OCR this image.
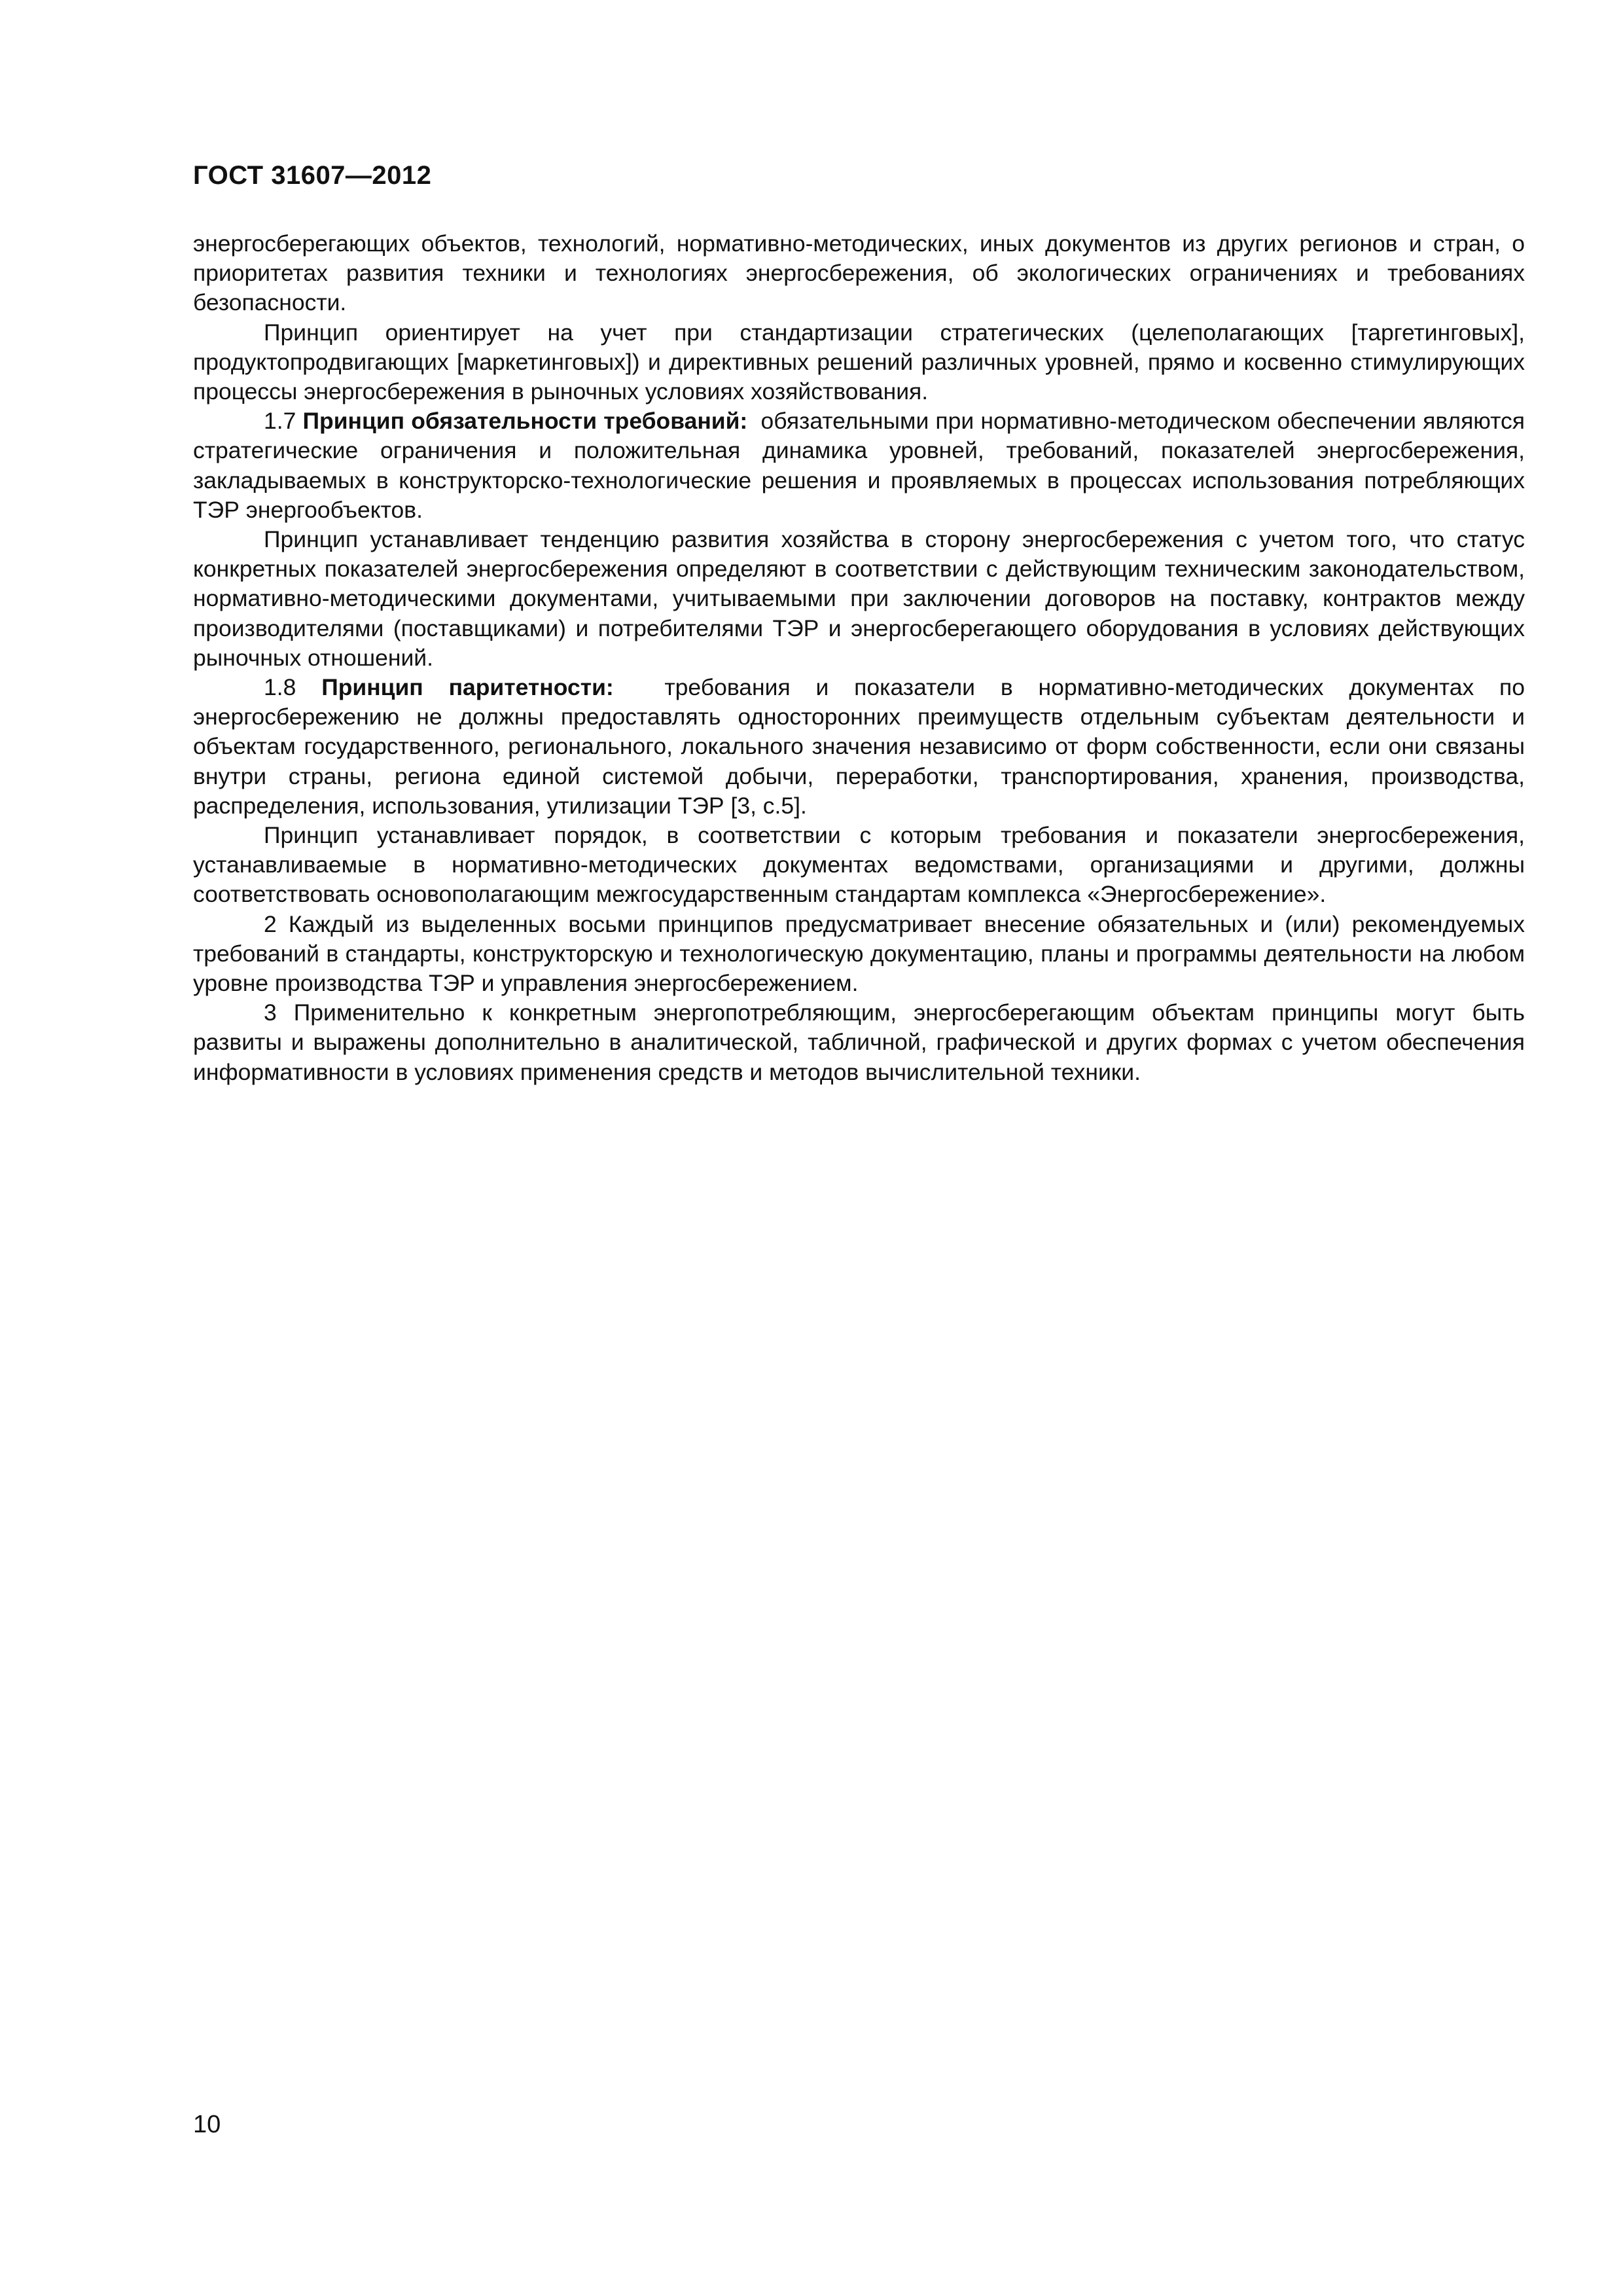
ГОСТ 31607—2012

энергосберегающих объектов, технологий, нормативно-методических, иных документов из других регионов и стран, о приоритетах развития техники и технологиях энергосбережения, об экологических ограничениях и требованиях безопасности.

Принцип ориентирует на учет при стандартизации стратегических (целеполагающих [таргетинговых], продуктопродвигающих [маркетинговых]) и директивных решений различных уровней, прямо и косвенно стимулирующих процессы энергосбережения в рыночных условиях хозяйствования.

1.7 Принцип обязательности требований: обязательными при нормативно-методическом обеспечении являются стратегические ограничения и положительная динамика уровней, требований, показателей энергосбережения, закладываемых в конструкторско-технологические решения и проявляемых в процессах использования потребляющих ТЭР энергообъектов.

Принцип устанавливает тенденцию развития хозяйства в сторону энергосбережения с учетом того, что статус конкретных показателей энергосбережения определяют в соответствии с действующим техническим законодательством, нормативно-методическими документами, учитываемыми при заключении договоров на поставку, контрактов между производителями (поставщиками) и потребителями ТЭР и энергосберегающего оборудования в условиях действующих рыночных отношений.

1.8 Принцип паритетности: требования и показатели в нормативно-методических документах по энергосбережению не должны предоставлять односторонних преимуществ отдельным субъектам деятельности и объектам государственного, регионального, локального значения независимо от форм собственности, если они связаны внутри страны, региона единой системой добычи, переработки, транспортирования, хранения, производства, распределения, использования, утилизации ТЭР [3, с.5].

Принцип устанавливает порядок, в соответствии с которым требования и показатели энергосбережения, устанавливаемые в нормативно-методических документах ведомствами, организациями и другими, должны соответствовать основополагающим межгосударственным стандартам комплекса «Энергосбережение».

2 Каждый из выделенных восьми принципов предусматривает внесение обязательных и (или) рекомендуемых требований в стандарты, конструкторскую и технологическую документацию, планы и программы деятельности на любом уровне производства ТЭР и управления энергосбережением.

3 Применительно к конкретным энергопотребляющим, энергосберегающим объектам принципы могут быть развиты и выражены дополнительно в аналитической, табличной, графической и других формах с учетом обеспечения информативности в условиях применения средств и методов вычислительной техники.

10
